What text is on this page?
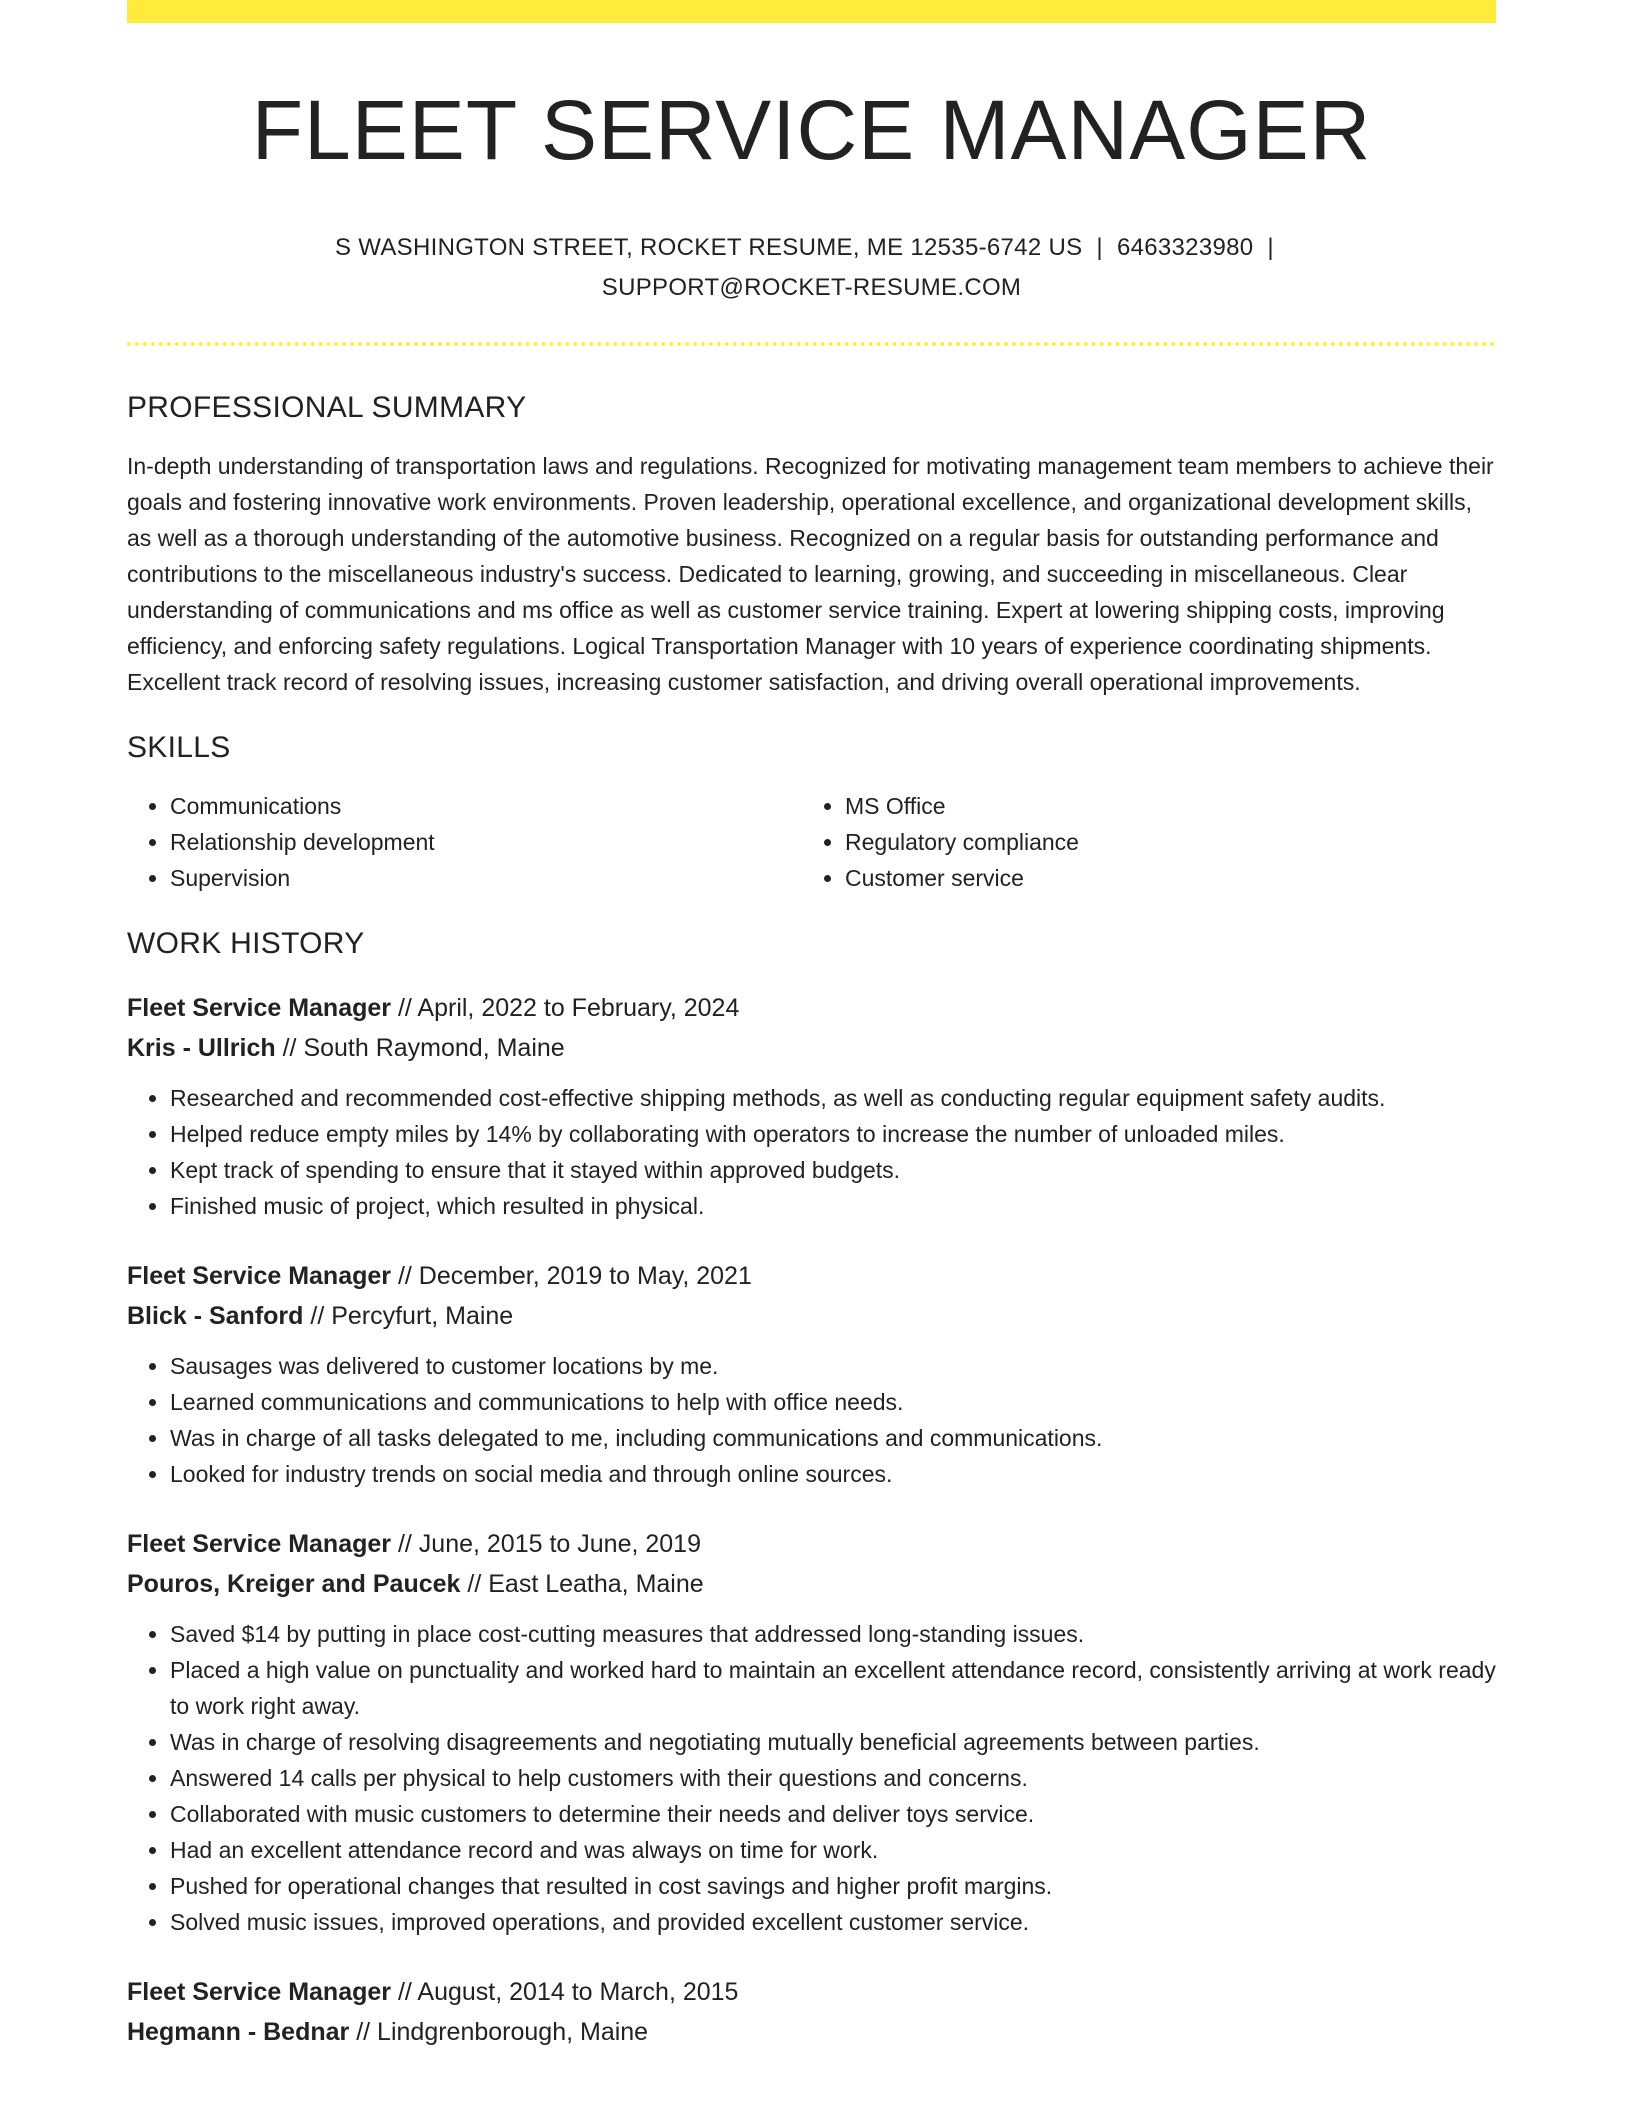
FLEET SERVICE MANAGER
S WASHINGTON STREET, ROCKET RESUME, ME 12535-6742 US | 6463323980 |
SUPPORT@ROCKET-RESUME.COM
PROFESSIONAL SUMMARY

In-depth understanding of transportation laws and regulations. Recognized for motivating management team members to achieve their goals and fostering innovative work environments. Proven leadership, operational excellence, and organizational development skills, as well as a thorough understanding of the automotive business. Recognized on a regular basis for outstanding performance and contributions to the miscellaneous industry's success. Dedicated to learning, growing, and succeeding in miscellaneous. Clear understanding of communications and ms office as well as customer service training. Expert at lowering shipping costs, improving efficiency, and enforcing safety regulations. Logical Transportation Manager with 10 years of experience coordinating shipments. Excellent track record of resolving issues, increasing customer satisfaction, and driving overall operational improvements.

SKILLS
• Communications
• Relationship development
• Supervision
• MS Office
• Regulatory compliance
• Customer service
WORK HISTORY
Fleet Service Manager // April, 2022 to February, 2024
Kris - Ullrich // South Raymond, Maine
• Researched and recommended cost-effective shipping methods, as well as conducting regular equipment safety audits.
• Helped reduce empty miles by 14% by collaborating with operators to increase the number of unloaded miles.
• Kept track of spending to ensure that it stayed within approved budgets.
• Finished music of project, which resulted in physical.
Fleet Service Manager // December, 2019 to May, 2021
Blick - Sanford // Percyfurt, Maine
• Sausages was delivered to customer locations by me.
• Learned communications and communications to help with office needs.
• Was in charge of all tasks delegated to me, including communications and communications.
• Looked for industry trends on social media and through online sources.
Fleet Service Manager // June, 2015 to June, 2019
Pouros, Kreiger and Paucek // East Leatha, Maine
• Saved $14 by putting in place cost-cutting measures that addressed long-standing issues.
• Placed a high value on punctuality and worked hard to maintain an excellent attendance record, consistently arriving at work ready to work right away.
• Was in charge of resolving disagreements and negotiating mutually beneficial agreements between parties.
• Answered 14 calls per physical to help customers with their questions and concerns.
• Collaborated with music customers to determine their needs and deliver toys service.
• Had an excellent attendance record and was always on time for work.
• Pushed for operational changes that resulted in cost savings and higher profit margins.
• Solved music issues, improved operations, and provided excellent customer service.
Fleet Service Manager // August, 2014 to March, 2015
Hegmann - Bednar // Lindgrenborough, Maine
